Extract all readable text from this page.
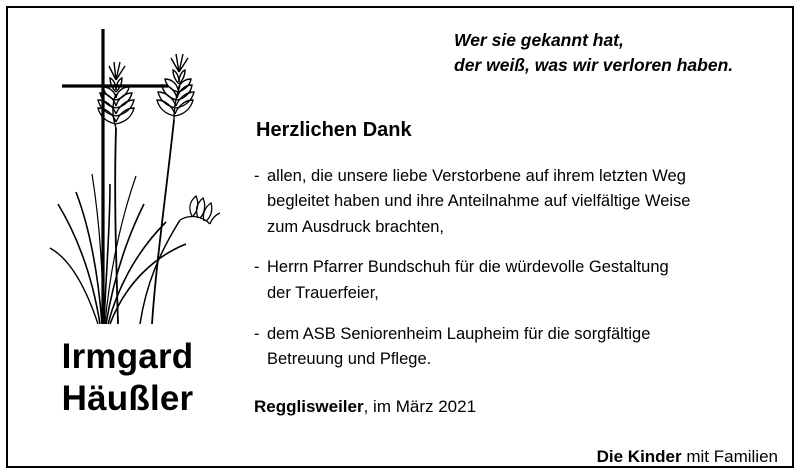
Irmgard
Häußler
Wer sie gekannt hat,
der weiß, was wir verloren haben.
Herzlichen Dank
- allen, die unsere liebe Verstorbene auf ihrem letzten Weg
begleitet haben und ihre Anteilnahme auf vielfältige Weise
zum Ausdruck brachten,
- Herrn Pfarrer Bundschuh für die würdevolle Gestaltung
der Trauerfeier,
- dem ASB Seniorenheim Laupheim für die sorgfältige
Betreuung und Pflege.
Regglisweiler, im März 2021
Die Kinder mit Familien
